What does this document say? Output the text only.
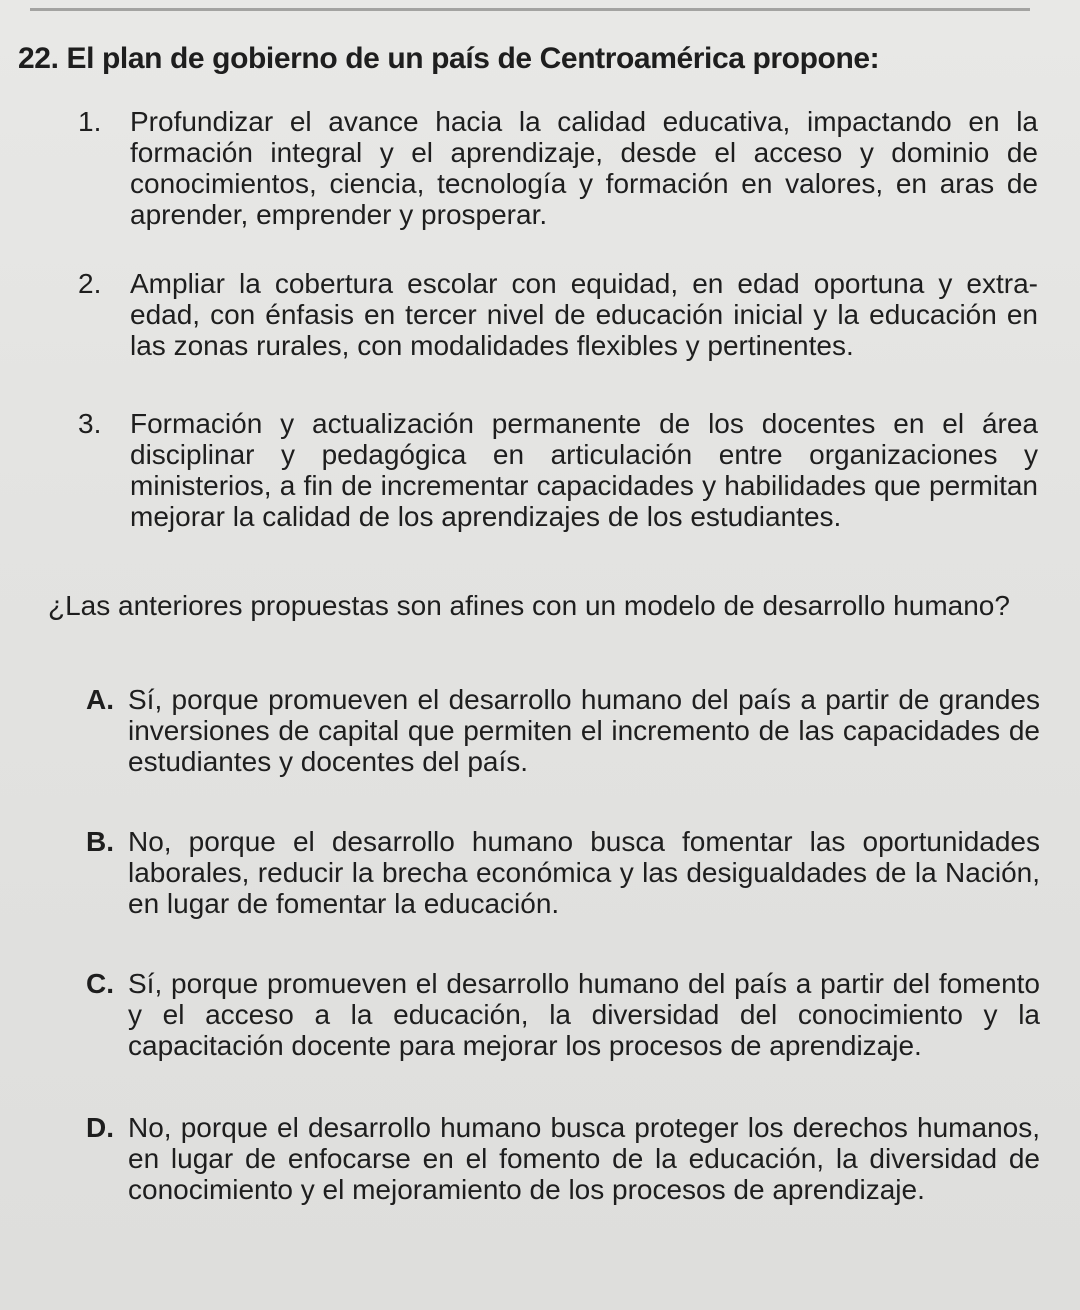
22. El plan de gobierno de un país de Centroamérica propone:
1.	Profundizar el avance hacia la calidad educativa, impactando en la formación integral y el aprendizaje, desde el acceso y dominio de conocimientos, ciencia, tecnología y formación en valores, en aras de aprender, emprender y prosperar.
2.	Ampliar la cobertura escolar con equidad, en edad oportuna y extra-edad, con énfasis en tercer nivel de educación inicial y la educación en las zonas rurales, con modalidades flexibles y pertinentes.
3.	Formación y actualización permanente de los docentes en el área disciplinar y pedagógica en articulación entre organizaciones y ministerios, a fin de incrementar capacidades y habilidades que permitan mejorar la calidad de los aprendizajes de los estudiantes.
¿Las anteriores propuestas son afines con un modelo de desarrollo humano?
A. Sí, porque promueven el desarrollo humano del país a partir de grandes inversiones de capital que permiten el incremento de las capacidades de estudiantes y docentes del país.
B. No, porque el desarrollo humano busca fomentar las oportunidades laborales, reducir la brecha económica y las desigualdades de la Nación, en lugar de fomentar la educación.
C. Sí, porque promueven el desarrollo humano del país a partir del fomento y el acceso a la educación, la diversidad del conocimiento y la capacitación docente para mejorar los procesos de aprendizaje.
D. No, porque el desarrollo humano busca proteger los derechos humanos, en lugar de enfocarse en el fomento de la educación, la diversidad de conocimiento y el mejoramiento de los procesos de aprendizaje.
